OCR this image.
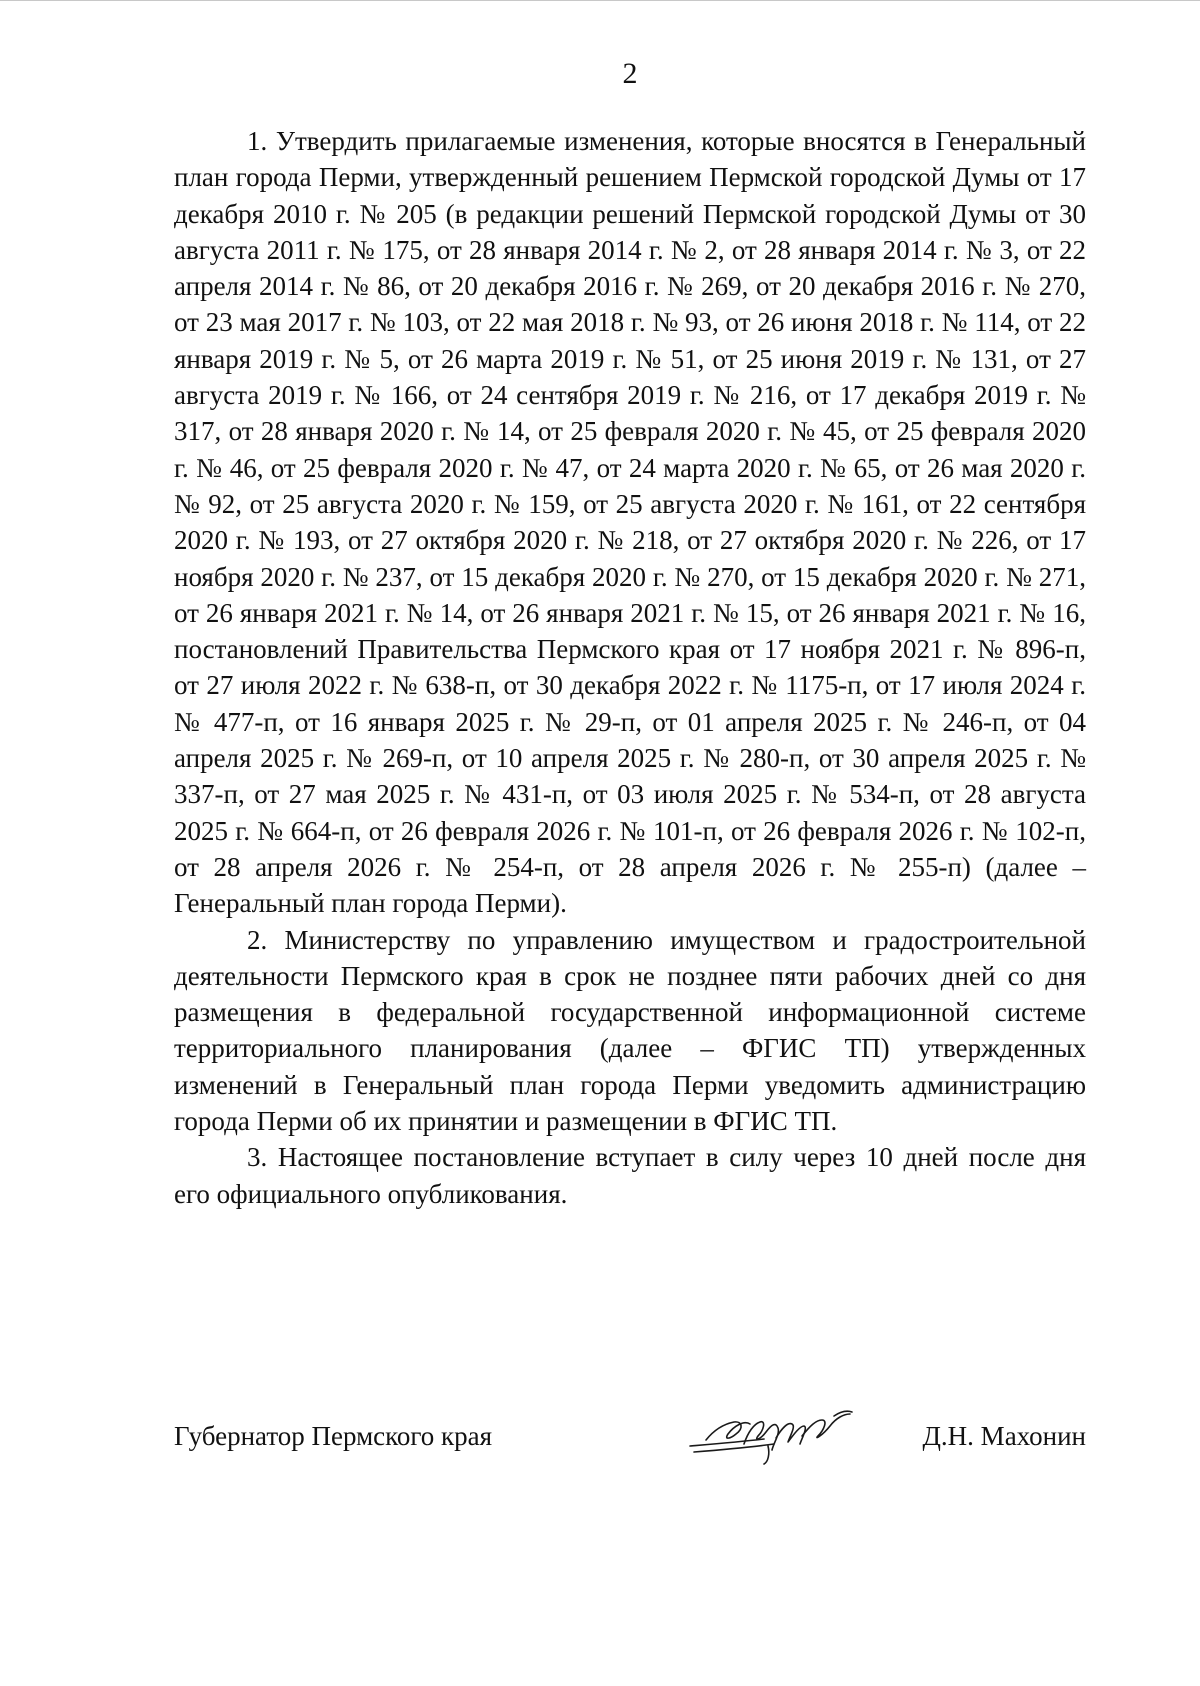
2

1. Утвердить прилагаемые изменения, которые вносятся в Генеральный план города Перми, утвержденный решением Пермской городской Думы от 17 декабря 2010 г. № 205 (в редакции решений Пермской городской Думы от 30 августа 2011 г. № 175, от 28 января 2014 г. № 2, от 28 января 2014 г. № 3, от 22 апреля 2014 г. № 86, от 20 декабря 2016 г. № 269, от 20 декабря 2016 г. № 270, от 23 мая 2017 г. № 103, от 22 мая 2018 г. № 93, от 26 июня 2018 г. № 114, от 22 января 2019 г. № 5, от 26 марта 2019 г. № 51, от 25 июня 2019 г. № 131, от 27 августа 2019 г. № 166, от 24 сентября 2019 г. № 216, от 17 декабря 2019 г. № 317, от 28 января 2020 г. № 14, от 25 февраля 2020 г. № 45, от 25 февраля 2020 г. № 46, от 25 февраля 2020 г. № 47, от 24 марта 2020 г. № 65, от 26 мая 2020 г. № 92, от 25 августа 2020 г. № 159, от 25 августа 2020 г. № 161, от 22 сентября 2020 г. № 193, от 27 октября 2020 г. № 218, от 27 октября 2020 г. № 226, от 17 ноября 2020 г. № 237, от 15 декабря 2020 г. № 270, от 15 декабря 2020 г. № 271, от 26 января 2021 г. № 14, от 26 января 2021 г. № 15, от 26 января 2021 г. № 16, постановлений Правительства Пермского края от 17 ноября 2021 г. № 896-п, от 27 июля 2022 г. № 638-п, от 30 декабря 2022 г. № 1175-п, от 17 июля 2024 г. № 477-п, от 16 января 2025 г. № 29-п, от 01 апреля 2025 г. № 246-п, от 04 апреля 2025 г. № 269-п, от 10 апреля 2025 г. № 280-п, от 30 апреля 2025 г. № 337-п, от 27 мая 2025 г. № 431-п, от 03 июля 2025 г. № 534-п, от 28 августа 2025 г. № 664-п, от 26 февраля 2026 г. № 101-п, от 26 февраля 2026 г. № 102-п, от 28 апреля 2026 г. № 254-п, от 28 апреля 2026 г. № 255-п) (далее – Генеральный план города Перми).

2. Министерству по управлению имуществом и градостроительной деятельности Пермского края в срок не позднее пяти рабочих дней со дня размещения в федеральной государственной информационной системе территориального планирования (далее – ФГИС ТП) утвержденных изменений в Генеральный план города Перми уведомить администрацию города Перми об их принятии и размещении в ФГИС ТП.

3. Настоящее постановление вступает в силу через 10 дней после дня его официального опубликования.

Губернатор Пермского края	Д.Н. Махонин
